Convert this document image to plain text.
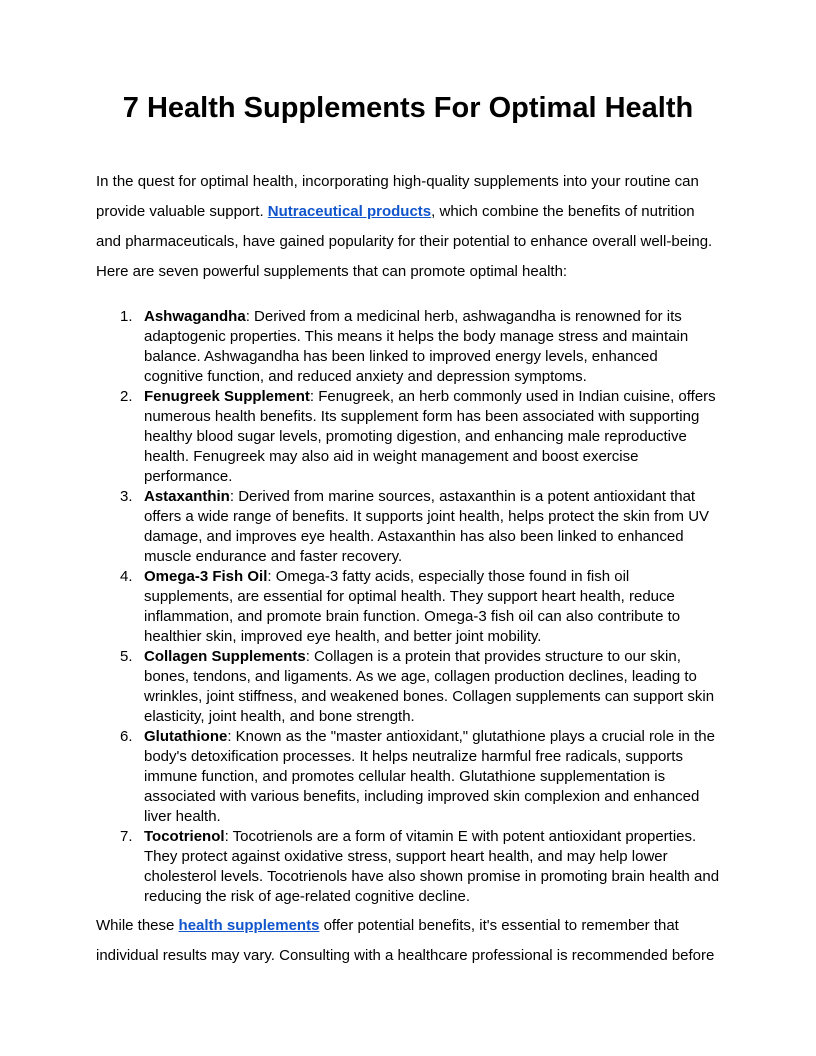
7 Health Supplements For Optimal Health

In the quest for optimal health, incorporating high-quality supplements into your routine can provide valuable support. Nutraceutical products, which combine the benefits of nutrition and pharmaceuticals, have gained popularity for their potential to enhance overall well-being. Here are seven powerful supplements that can promote optimal health:

Ashwagandha: Derived from a medicinal herb, ashwagandha is renowned for its adaptogenic properties. This means it helps the body manage stress and maintain balance. Ashwagandha has been linked to improved energy levels, enhanced cognitive function, and reduced anxiety and depression symptoms.
Fenugreek Supplement: Fenugreek, an herb commonly used in Indian cuisine, offers numerous health benefits. Its supplement form has been associated with supporting healthy blood sugar levels, promoting digestion, and enhancing male reproductive health. Fenugreek may also aid in weight management and boost exercise performance.
Astaxanthin: Derived from marine sources, astaxanthin is a potent antioxidant that offers a wide range of benefits. It supports joint health, helps protect the skin from UV damage, and improves eye health. Astaxanthin has also been linked to enhanced muscle endurance and faster recovery.
Omega-3 Fish Oil: Omega-3 fatty acids, especially those found in fish oil supplements, are essential for optimal health. They support heart health, reduce inflammation, and promote brain function. Omega-3 fish oil can also contribute to healthier skin, improved eye health, and better joint mobility.
Collagen Supplements: Collagen is a protein that provides structure to our skin, bones, tendons, and ligaments. As we age, collagen production declines, leading to wrinkles, joint stiffness, and weakened bones. Collagen supplements can support skin elasticity, joint health, and bone strength.
Glutathione: Known as the "master antioxidant," glutathione plays a crucial role in the body's detoxification processes. It helps neutralize harmful free radicals, supports immune function, and promotes cellular health. Glutathione supplementation is associated with various benefits, including improved skin complexion and enhanced liver health.
Tocotrienol: Tocotrienols are a form of vitamin E with potent antioxidant properties. They protect against oxidative stress, support heart health, and may help lower cholesterol levels. Tocotrienols have also shown promise in promoting brain health and reducing the risk of age-related cognitive decline.

While these health supplements offer potential benefits, it's essential to remember that individual results may vary. Consulting with a healthcare professional is recommended before
